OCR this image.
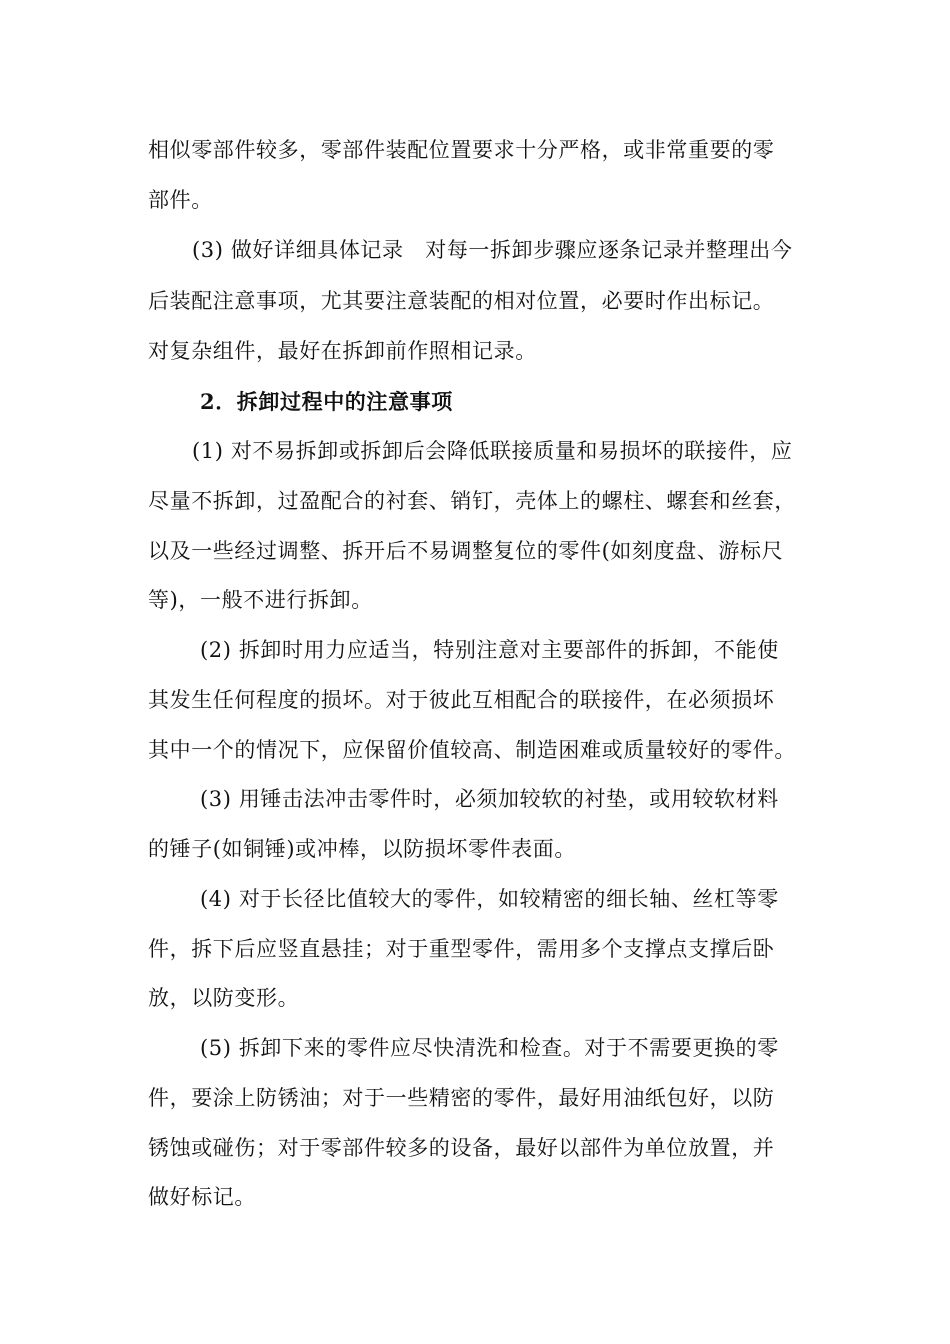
相似零部件较多，零部件装配位置要求十分严格，或非常重要的零
部件。
(3) 做好详细具体记录　对每一拆卸步骤应逐条记录并整理出今
后装配注意事项，尤其要注意装配的相对位置，必要时作出标记。
对复杂组件，最好在拆卸前作照相记录。
2．拆卸过程中的注意事项
(1) 对不易拆卸或拆卸后会降低联接质量和易损坏的联接件，应
尽量不拆卸，过盈配合的衬套、销钉，壳体上的螺柱、螺套和丝套，
以及一些经过调整、拆开后不易调整复位的零件(如刻度盘、游标尺
等)，一般不进行拆卸。
(2) 拆卸时用力应适当，特别注意对主要部件的拆卸，不能使
其发生任何程度的损坏。对于彼此互相配合的联接件，在必须损坏
其中一个的情况下，应保留价值较高、制造困难或质量较好的零件。
(3) 用锤击法冲击零件时，必须加较软的衬垫，或用较软材料
的锤子(如铜锤)或冲棒，以防损坏零件表面。
(4) 对于长径比值较大的零件，如较精密的细长轴、丝杠等零
件，拆下后应竖直悬挂；对于重型零件，需用多个支撑点支撑后卧
放，以防变形。
(5) 拆卸下来的零件应尽快清洗和检查。对于不需要更换的零
件，要涂上防锈油；对于一些精密的零件，最好用油纸包好，以防
锈蚀或碰伤；对于零部件较多的设备，最好以部件为单位放置，并
做好标记。
